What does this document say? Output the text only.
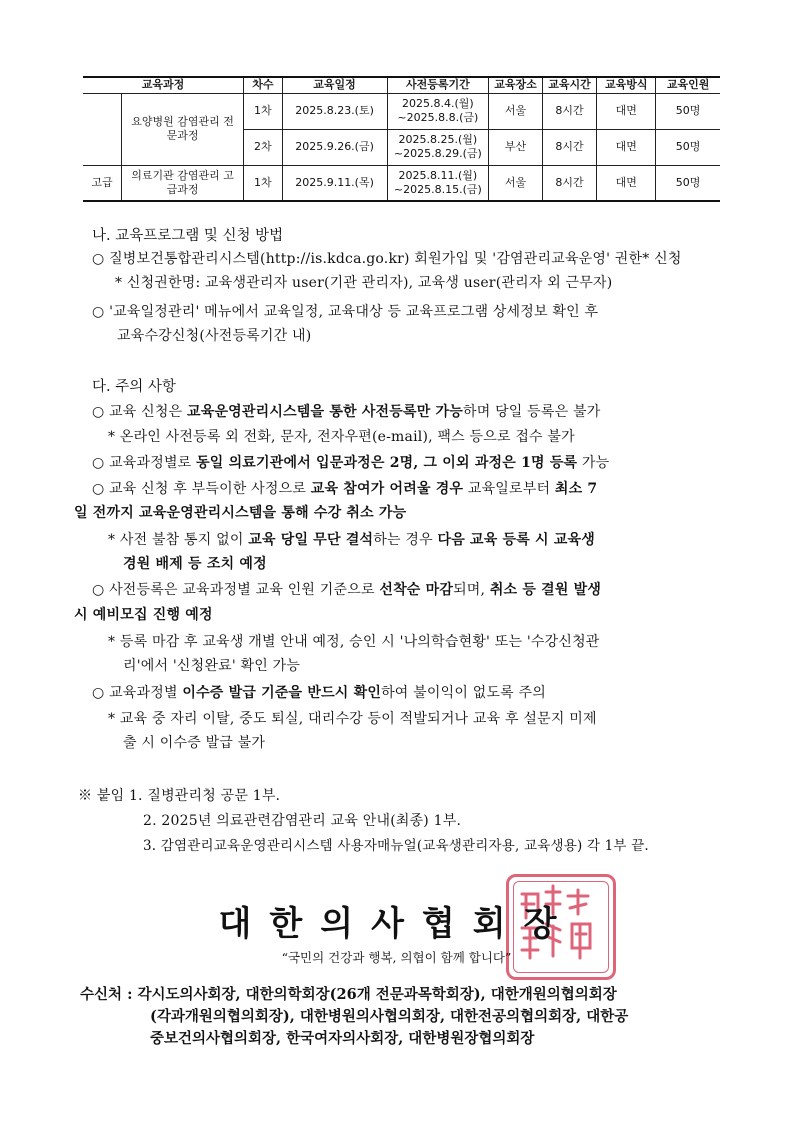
교육과정		차수	교육일정	사전등록기간	교육장소	교육시간	교육방식	교육인원
	요양병원 감염관리 전문과정	1차	2025.8.23.(토)	2025.8.4.(월)
~2025.8.8.(금)	서울	8시간	대면	50명
		2차	2025.9.26.(금)	2025.8.25.(월)
~2025.8.29.(금)	부산	8시간	대면	50명
고급	의료기관 감염관리 고급과정	1차	2025.9.11.(목)	2025.8.11.(월)
~2025.8.15.(금)	서울	8시간	대면	50명
나. 교육프로그램 및 신청 방법
○ 질병보건통합관리시스템(http://is.kdca.go.kr) 회원가입 및 '감염관리교육운영' 권한* 신청
* 신청권한명: 교육생관리자 user(기관 관리자), 교육생 user(관리자 외 근무자)
○ '교육일정관리' 메뉴에서 교육일정, 교육대상 등 교육프로그램 상세정보 확인 후
교육수강신청(사전등록기간 내)
다. 주의 사항
○ 교육 신청은 교육운영관리시스템을 통한 사전등록만 가능하며 당일 등록은 불가
* 온라인 사전등록 외 전화, 문자, 전자우편(e-mail), 팩스 등으로 접수 불가
○ 교육과정별로 동일 의료기관에서 입문과정은 2명, 그 이외 과정은 1명 등록 가능
○ 교육 신청 후 부득이한 사정으로 교육 참여가 어려울 경우 교육일로부터 최소 7
일 전까지 교육운영관리시스템을 통해 수강 취소 가능
* 사전 불참 통지 없이 교육 당일 무단 결석하는 경우 다음 교육 등록 시 교육생
경원 배제 등 조치 예정
○ 사전등록은 교육과정별 교육 인원 기준으로 선착순 마감되며, 취소 등 결원 발생
시 예비모집 진행 예정
* 등록 마감 후 교육생 개별 안내 예정, 승인 시 '나의학습현황' 또는 '수강신청관
리'에서 '신청완료' 확인 가능
○ 교육과정별 이수증 발급 기준을 반드시 확인하여 불이익이 없도록 주의
* 교육 중 자리 이탈, 중도 퇴실, 대리수강 등이 적발되거나 교육 후 설문지 미제
출 시 이수증 발급 불가
※ 붙임 1. 질병관리청 공문 1부.
2. 2025년 의료관련감염관리 교육 안내(최종) 1부.
3. 감염관리교육운영관리시스템 사용자매뉴얼(교육생관리자용, 교육생용) 각 1부 끝.
대한의사협회장
“국민의 건강과 행복, 의협이 함께 합니다”
수신처 : 각시도의사회장, 대한의학회장(26개 전문과목학회장), 대한개원의협의회장
(각과개원의협의회장), 대한병원의사협의회장, 대한전공의협의회장, 대한공
중보건의사협의회장, 한국여자의사회장, 대한병원장협의회장
